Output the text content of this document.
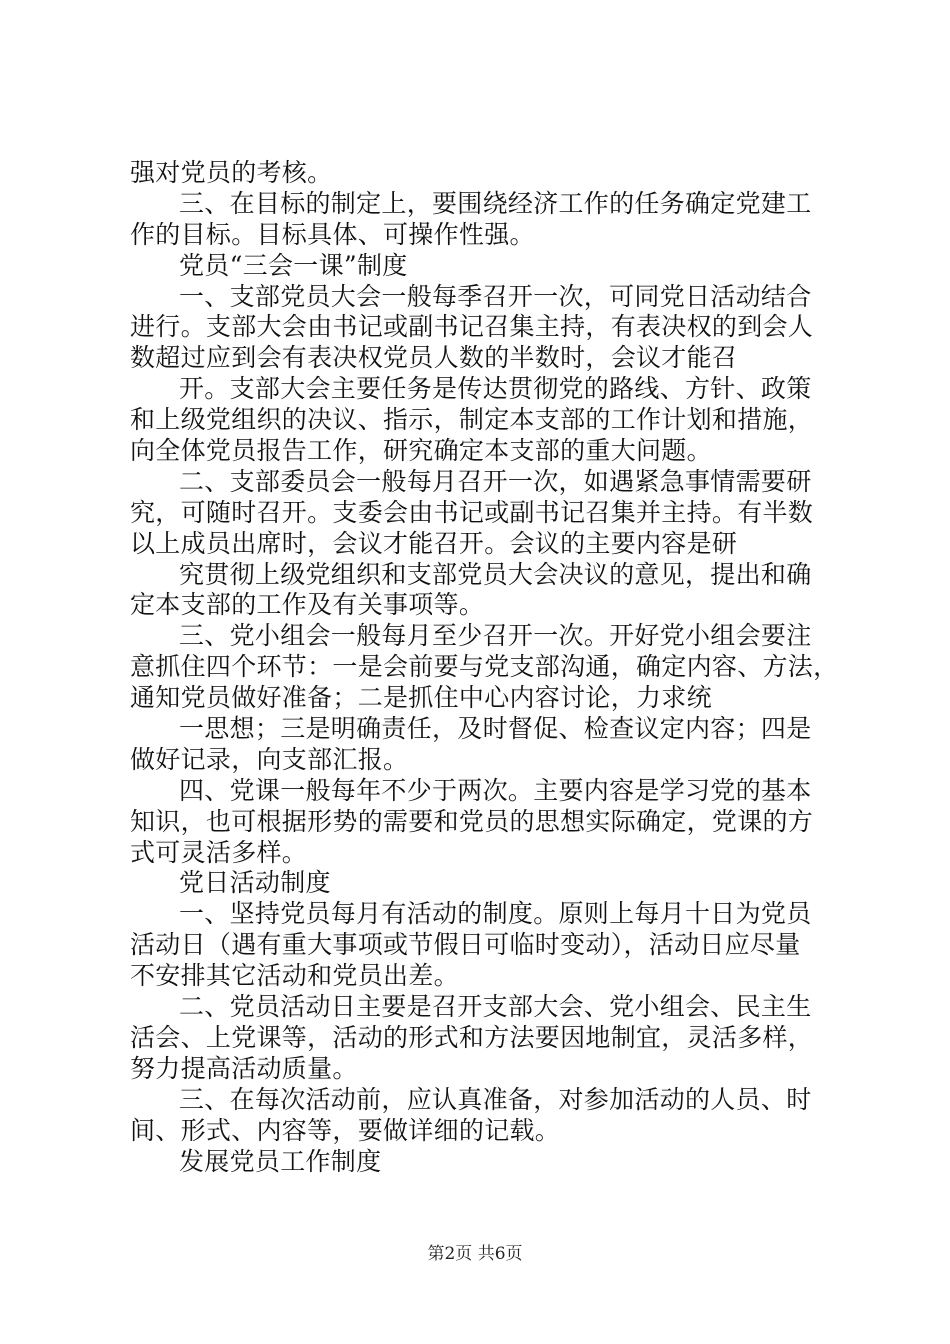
强对党员的考核。
三、在目标的制定上，要围绕经济工作的任务确定党建工
作的目标。目标具体、可操作性强。
党员“三会一课”制度
一、支部党员大会一般每季召开一次，可同党日活动结合
进行。支部大会由书记或副书记召集主持，有表决权的到会人
数超过应到会有表决权党员人数的半数时，会议才能召
开。支部大会主要任务是传达贯彻党的路线、方针、政策
和上级党组织的决议、指示，制定本支部的工作计划和措施，
向全体党员报告工作，研究确定本支部的重大问题。
二、支部委员会一般每月召开一次，如遇紧急事情需要研
究，可随时召开。支委会由书记或副书记召集并主持。有半数
以上成员出席时，会议才能召开。会议的主要内容是研
究贯彻上级党组织和支部党员大会决议的意见，提出和确
定本支部的工作及有关事项等。
三、党小组会一般每月至少召开一次。开好党小组会要注
意抓住四个环节：一是会前要与党支部沟通，确定内容、方法，
通知党员做好准备；二是抓住中心内容讨论，力求统
一思想；三是明确责任，及时督促、检查议定内容；四是
做好记录，向支部汇报。
四、党课一般每年不少于两次。主要内容是学习党的基本
知识，也可根据形势的需要和党员的思想实际确定，党课的方
式可灵活多样。
党日活动制度
一、坚持党员每月有活动的制度。原则上每月十日为党员
活动日（遇有重大事项或节假日可临时变动），活动日应尽量
不安排其它活动和党员出差。
二、党员活动日主要是召开支部大会、党小组会、民主生
活会、上党课等，活动的形式和方法要因地制宜，灵活多样，
努力提高活动质量。
三、在每次活动前，应认真准备，对参加活动的人员、时
间、形式、内容等，要做详细的记载。
发展党员工作制度
第2页 共6页
